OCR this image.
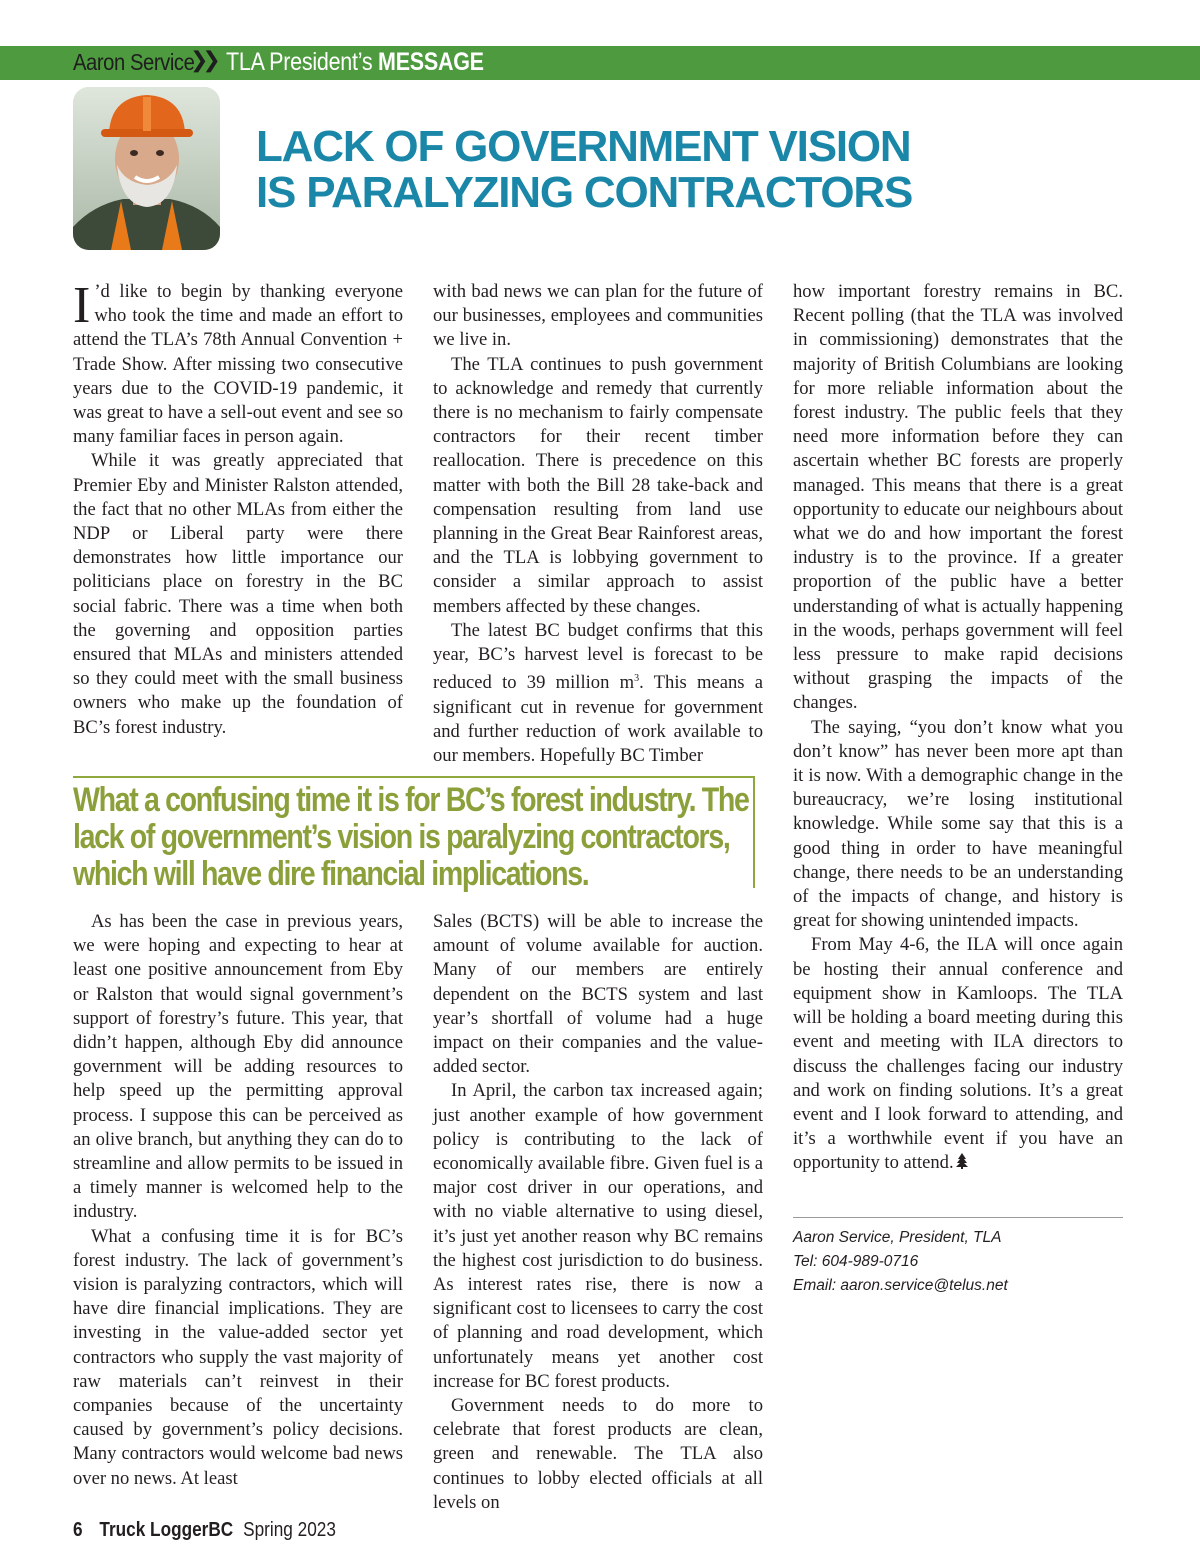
Aaron Service
❯❯ TLA President’s MESSAGE
LACK OF GOVERNMENT VISION
IS PARALYZING CONTRACTORS

I ’d like to begin by thanking everyone who took the time and made an effort to attend the TLA’s 78th Annual Convention + Trade Show. After missing two consecutive years due to the COVID-19 pandemic, it was great to have a sell-out event and see so many familiar faces in person again.

While it was greatly appreciated that Premier Eby and Minister Ralston attended, the fact that no other MLAs from either the NDP or Liberal party were there demonstrates how little importance our politicians place on forestry in the BC social fabric. There was a time when both the governing and opposition parties ensured that MLAs and ministers attended so they could meet with the small business owners who make up the foundation of BC’s forest industry.

with bad news we can plan for the future of our businesses, employees and communities we live in.

The TLA continues to push government to acknowledge and remedy that currently there is no mechanism to fairly compensate contractors for their recent timber reallocation. There is precedence on this matter with both the Bill 28 take-back and compensation resulting from land use planning in the Great Bear Rainforest areas, and the TLA is lobbying government to consider a similar approach to assist members affected by these changes.

The latest BC budget confirms that this year, BC’s harvest level is forecast to be reduced to 39 million $m^3$. This means a significant cut in revenue for government and further reduction of work available to our members. Hopefully BC Timber

What a confusing time it is for BC’s forest industry. The
lack of government’s vision is paralyzing contractors,
which will have dire financial implications.

As has been the case in previous years, we were hoping and expecting to hear at least one positive announcement from Eby or Ralston that would signal government’s support of forestry’s future. This year, that didn’t happen, although Eby did announce government will be adding resources to help speed up the permitting approval process. I suppose this can be perceived as an olive branch, but anything they can do to streamline and allow permits to be issued in a timely manner is welcomed help to the industry.

What a confusing time it is for BC’s forest industry. The lack of government’s vision is paralyzing contractors, which will have dire financial implications. They are investing in the value-added sector yet contractors who supply the vast majority of raw materials can’t reinvest in their companies because of the uncertainty caused by government’s policy decisions. Many contractors would welcome bad news over no news. At least

Sales (BCTS) will be able to increase the amount of volume available for auction. Many of our members are entirely dependent on the BCTS system and last year’s shortfall of volume had a huge impact on their companies and the value-added sector.

In April, the carbon tax increased again; just another example of how government policy is contributing to the lack of economically available fibre. Given fuel is a major cost driver in our operations, and with no viable alternative to using diesel, it’s just yet another reason why BC remains the highest cost jurisdiction to do business. As interest rates rise, there is now a significant cost to licensees to carry the cost of planning and road development, which unfortunately means yet another cost increase for BC forest products.

Government needs to do more to celebrate that forest products are clean, green and renewable. The TLA also continues to lobby elected officials at all levels on

how important forestry remains in BC. Recent polling (that the TLA was involved in commissioning) demonstrates that the majority of British Columbians are looking for more reliable information about the forest industry. The public feels that they need more information before they can ascertain whether BC forests are properly managed. This means that there is a great opportunity to educate our neighbours about what we do and how important the forest industry is to the province. If a greater proportion of the public have a better understanding of what is actually happening in the woods, perhaps government will feel less pressure to make rapid decisions without grasping the impacts of the changes.

The saying, “you don’t know what you don’t know” has never been more apt than it is now. With a demographic change in the bureaucracy, we’re losing institutional knowledge. While some say that this is a good thing in order to have meaningful change, there needs to be an understanding of the impacts of change, and history is great for showing unintended impacts.

From May 4-6, the ILA will once again be hosting their annual conference and equipment show in Kamloops. The TLA will be holding a board meeting during this event and meeting with ILA directors to discuss the challenges facing our industry and work on finding solutions. It’s a great event and I look forward to attending, and it’s a worthwhile event if you have an opportunity to attend.

Aaron Service, President, TLA
Tel: 604-989-0716
Email: aaron.service@telus.net
6 Truck LoggerBC Spring 2023
